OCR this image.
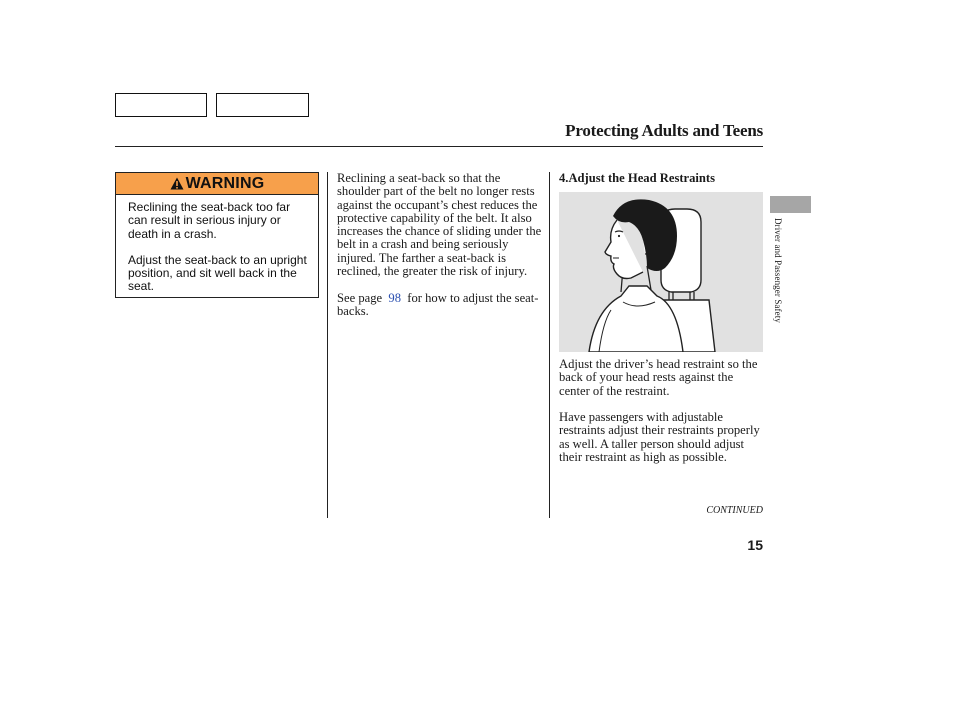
Protecting Adults and Teens
WARNING

Reclining the seat-back too far can result in serious injury or death in a crash.

Adjust the seat-back to an upright position, and sit well back in the seat.

Reclining a seat-back so that the shoulder part of the belt no longer rests against the occupant’s chest reduces the protective capability of the belt. It also increases the chance of sliding under the belt in a crash and being seriously injured. The farther a seat-back is reclined, the greater the risk of injury.

See page 98 for how to adjust the seat-backs.

4.Adjust the Head Restraints

Adjust the driver’s head restraint so the back of your head rests against the center of the restraint.

Have passengers with adjustable restraints adjust their restraints properly as well. A taller person should adjust their restraint as high as possible.

Driver and Passenger Safety
CONTINUED
15
